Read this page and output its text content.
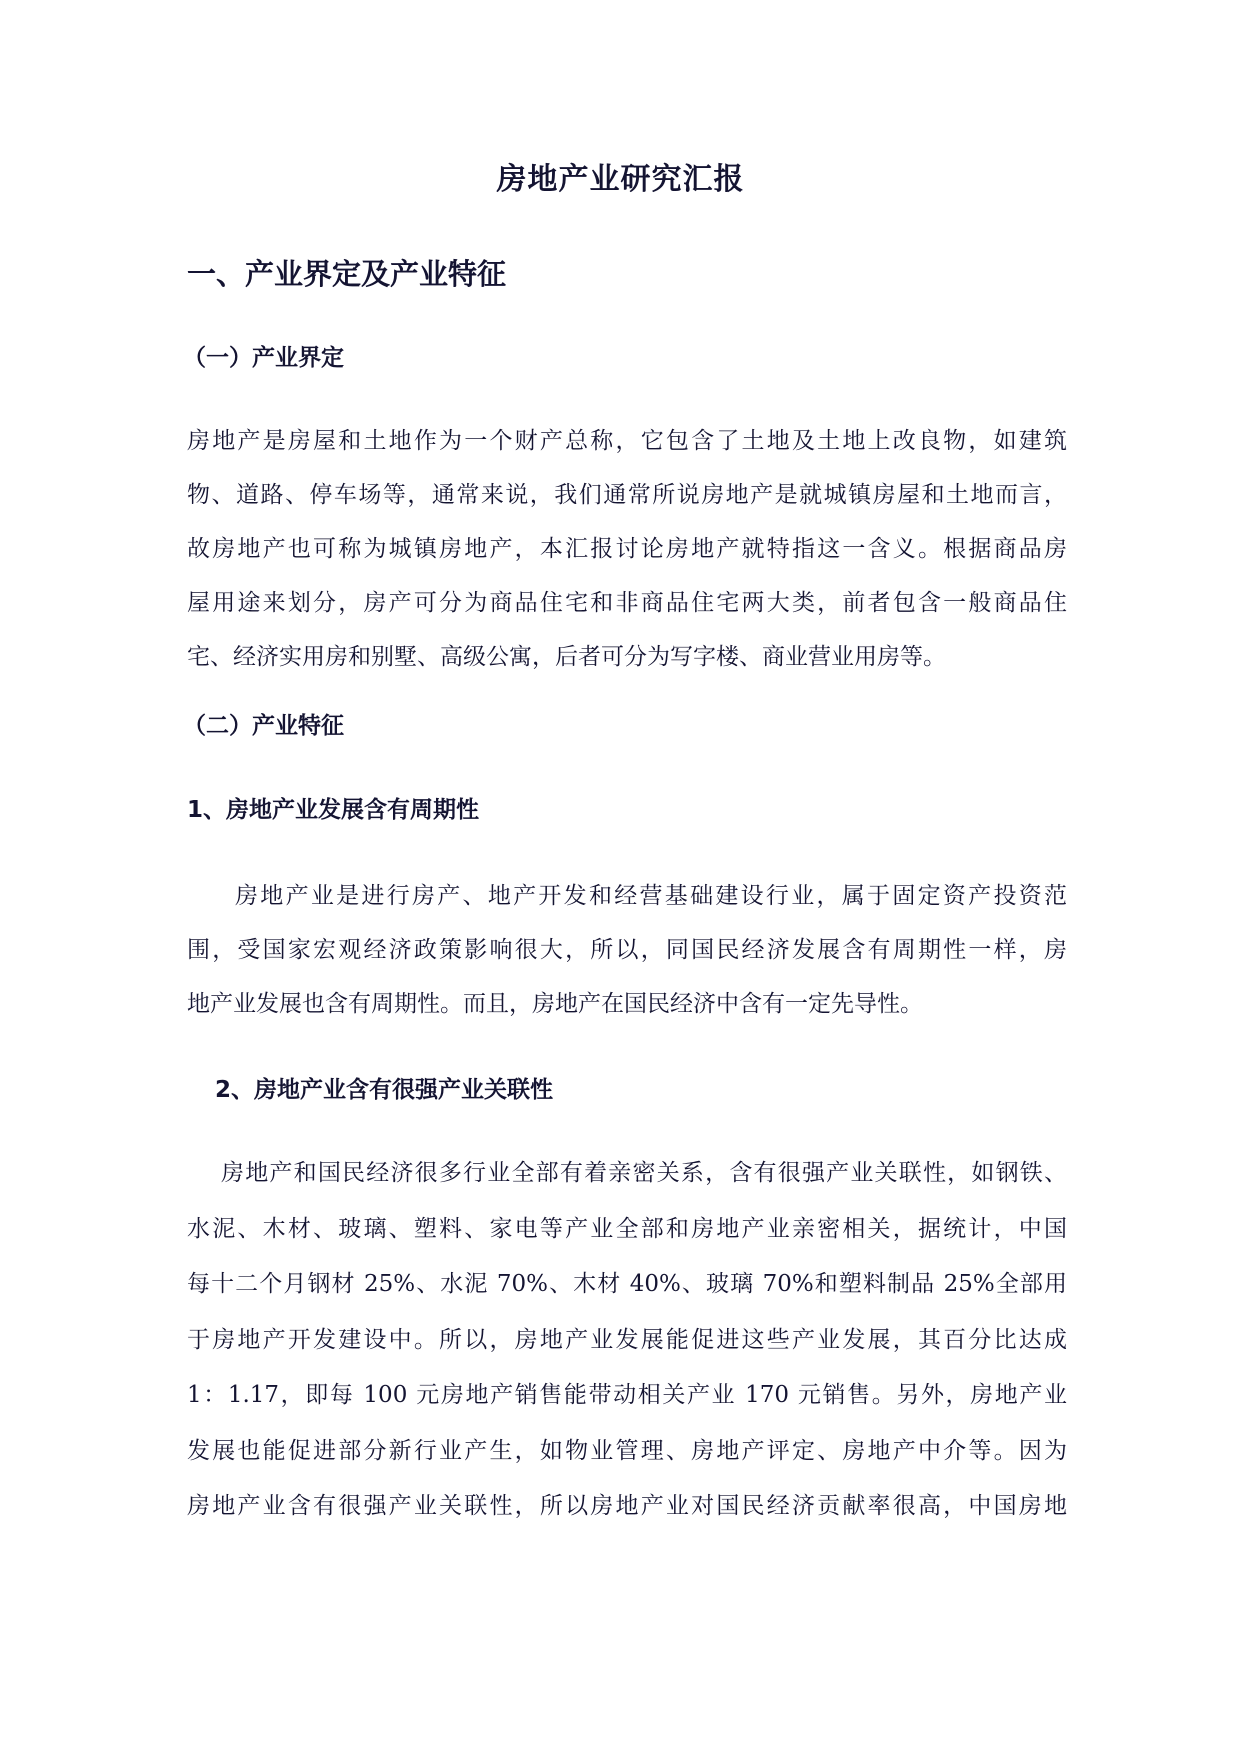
房地产业研究汇报
一、产业界定及产业特征
（一）产业界定
房地产是房屋和土地作为一个财产总称，它包含了土地及土地上改良物，如建筑
物、道路、停车场等，通常来说，我们通常所说房地产是就城镇房屋和土地而言，
故房地产也可称为城镇房地产，本汇报讨论房地产就特指这一含义。根据商品房
屋用途来划分，房产可分为商品住宅和非商品住宅两大类，前者包含一般商品住
宅、经济实用房和别墅、高级公寓，后者可分为写字楼、商业营业用房等。
（二）产业特征
1、房地产业发展含有周期性
房地产业是进行房产、地产开发和经营基础建设行业，属于固定资产投资范
围，受国家宏观经济政策影响很大，所以，同国民经济发展含有周期性一样，房
地产业发展也含有周期性。而且，房地产在国民经济中含有一定先导性。
2、房地产业含有很强产业关联性
房地产和国民经济很多行业全部有着亲密关系，含有很强产业关联性，如钢铁、
水泥、木材、玻璃、塑料、家电等产业全部和房地产业亲密相关，据统计，中国
每十二个月钢材 25%、水泥 70%、木材 40%、玻璃 70%和塑料制品 25%全部用
于房地产开发建设中。所以，房地产业发展能促进这些产业发展，其百分比达成
1：1.17，即每 100 元房地产销售能带动相关产业 170 元销售。另外，房地产业
发展也能促进部分新行业产生，如物业管理、房地产评定、房地产中介等。因为
房地产业含有很强产业关联性，所以房地产业对国民经济贡献率很高，中国房地
